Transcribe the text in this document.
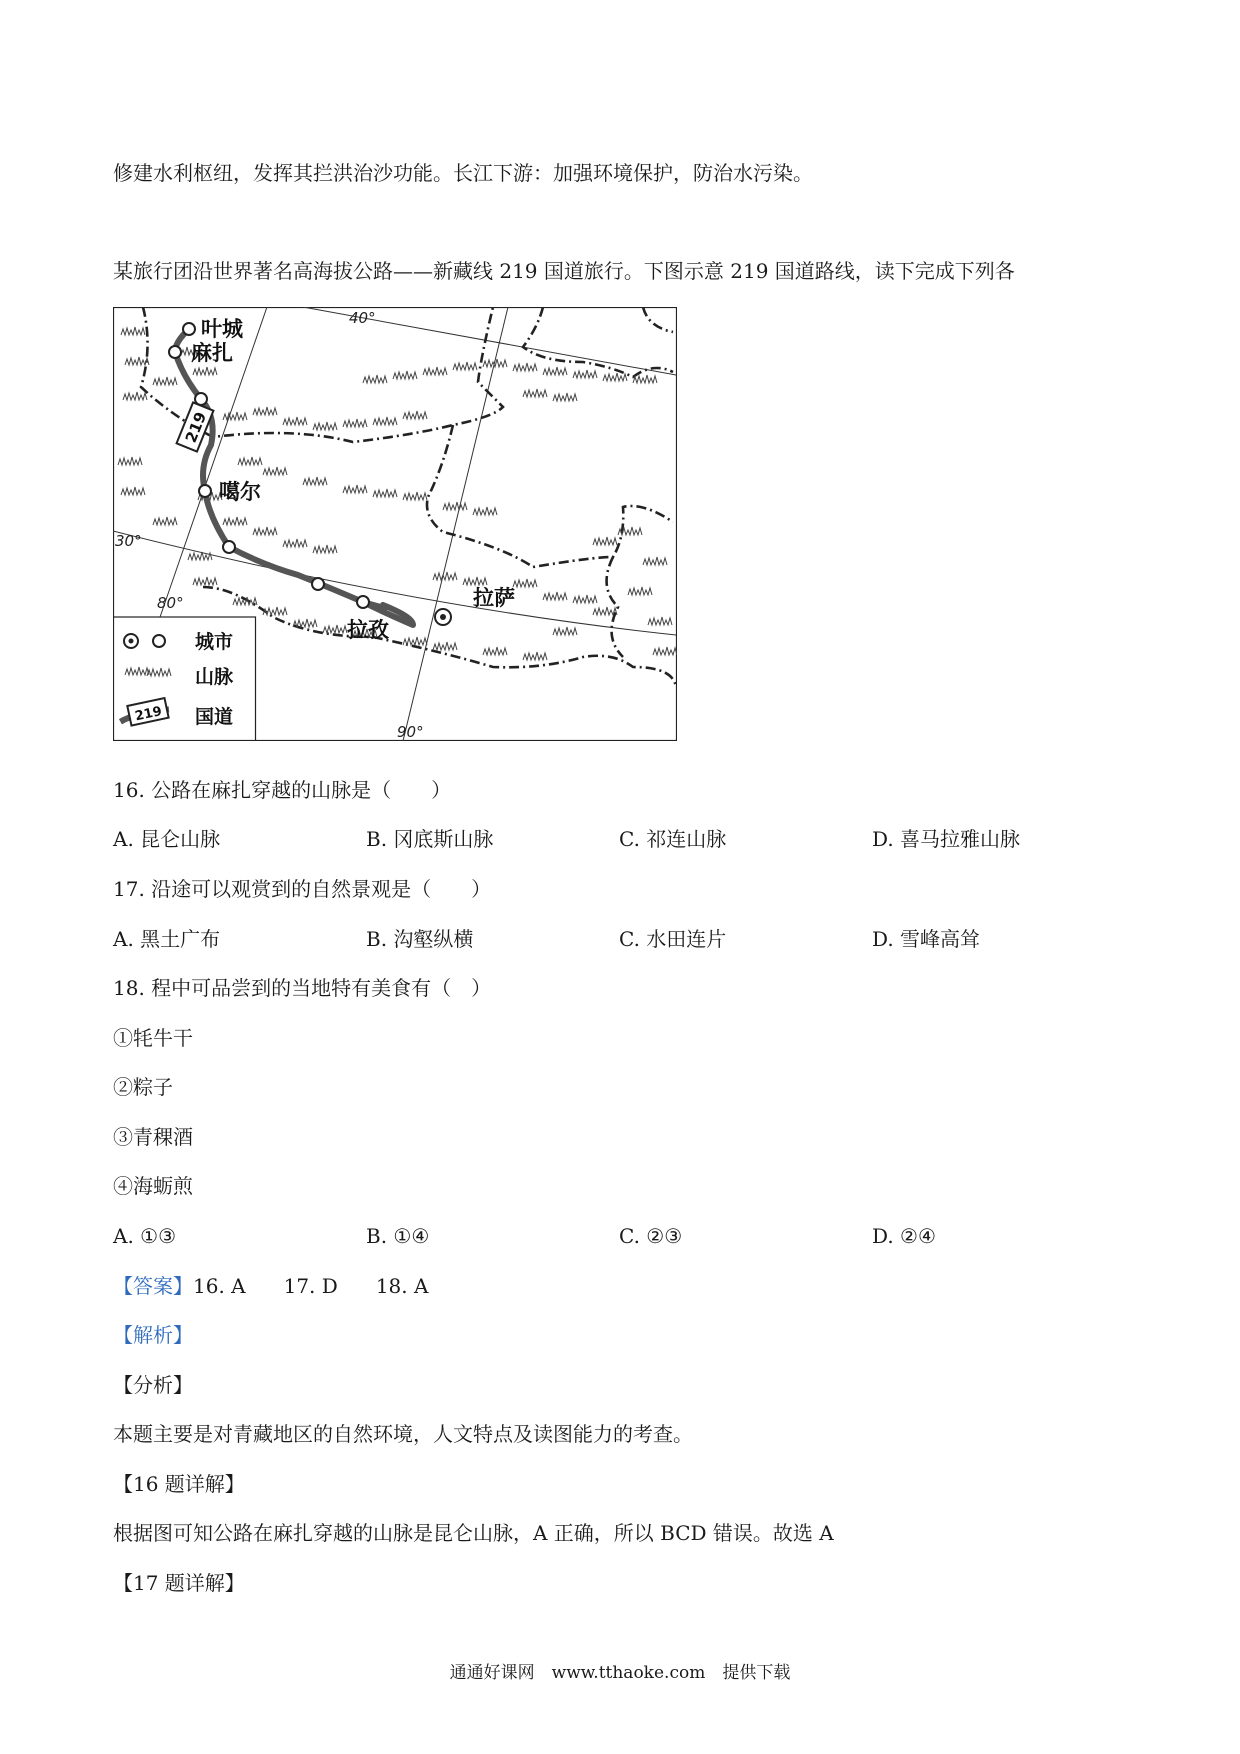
修建水利枢纽，发挥其拦洪治沙功能。长江下游：加强环境保护，防治水污染。
某旅行团沿世界著名高海拔公路——新藏线 219 国道旅行。下图示意 219 国道路线，读下完成下列各
219
叶城
麻扎
噶尔
拉孜
拉萨
40°
30°
80°
90°
城市
山脉
219 国道
16. 公路在麻扎穿越的山脉是（　　）
A. 昆仑山脉	B. 冈底斯山脉	C. 祁连山脉	D. 喜马拉雅山脉
17. 沿途可以观赏到的自然景观是（　　）
A. 黑土广布	B. 沟壑纵横	C. 水田连片	D. 雪峰高耸
18. 程中可品尝到的当地特有美食有（　）
①牦牛干
②粽子
③青稞酒
④海蛎煎
A. ①③	B. ①④	C. ②③	D. ②④
【答案】16. A 17. D 18. A
【解析】
【分析】
本题主要是对青藏地区的自然环境，人文特点及读图能力的考查。
【16 题详解】
根据图可知公路在麻扎穿越的山脉是昆仑山脉，A 正确，所以 BCD 错误。故选 A
【17 题详解】
通通好课网　www.tthaoke.com　提供下载
